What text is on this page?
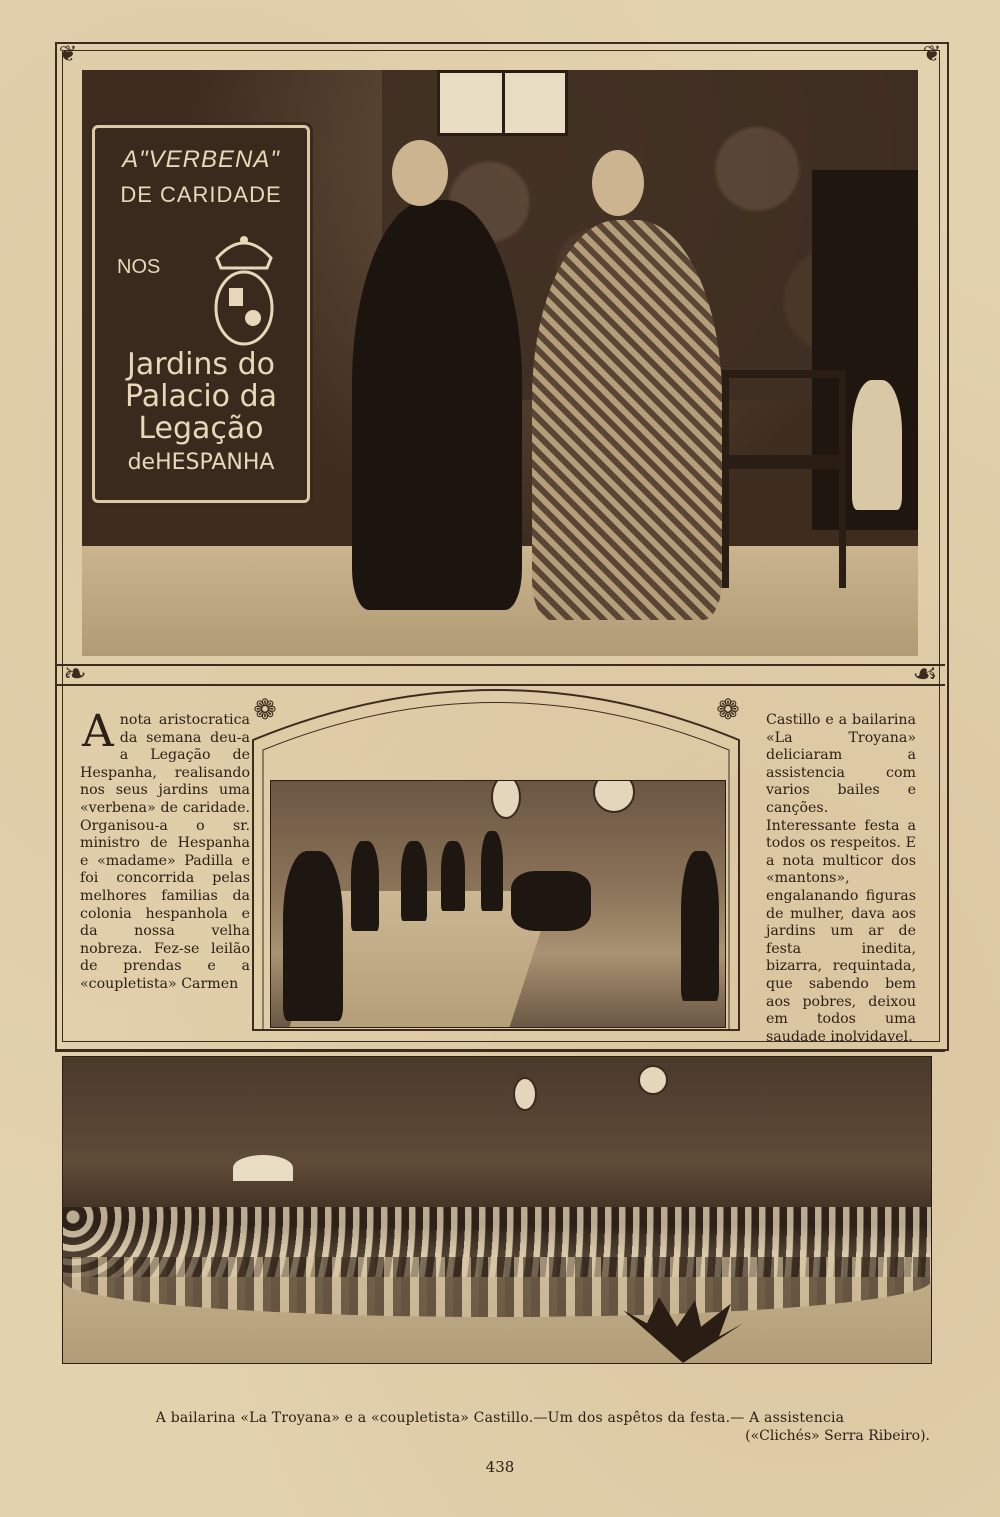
❦	❦
A"VERBENA"
DE CARIDADE
NOS
Jardins do
Palacio da
Legação
deHESPANHA
❧	☙

Anota aristocratica da semana deu-a a Legação de Hespanha, realisando nos seus jardins uma «verbena» de caridade. Organisou-a o sr. ministro de Hespanha e «madame» Padilla e foi concorrida pelas melhores familias da colonia hespanhola e da nossa velha nobreza. Fez-se leilão de prendas e a «coupletista» Carmen

❁	❁	Castillo e a bailarina «La Troyana» deliciaram a assistencia com varios bailes e canções. Interessante festa a todos os respeitos. E a nota multicor dos «mantons», engalanando figuras de mulher, dava aos jardins um ar de festa inedita, bizarra, requintada, que sabendo bem aos pobres, deixou em todos uma saudade inolvidavel.

A bailarina «La Troyana» e a «coupletista» Castillo.—Um dos aspêtos da festa.— A assistencia
(«Clichés» Serra Ribeiro).
438
